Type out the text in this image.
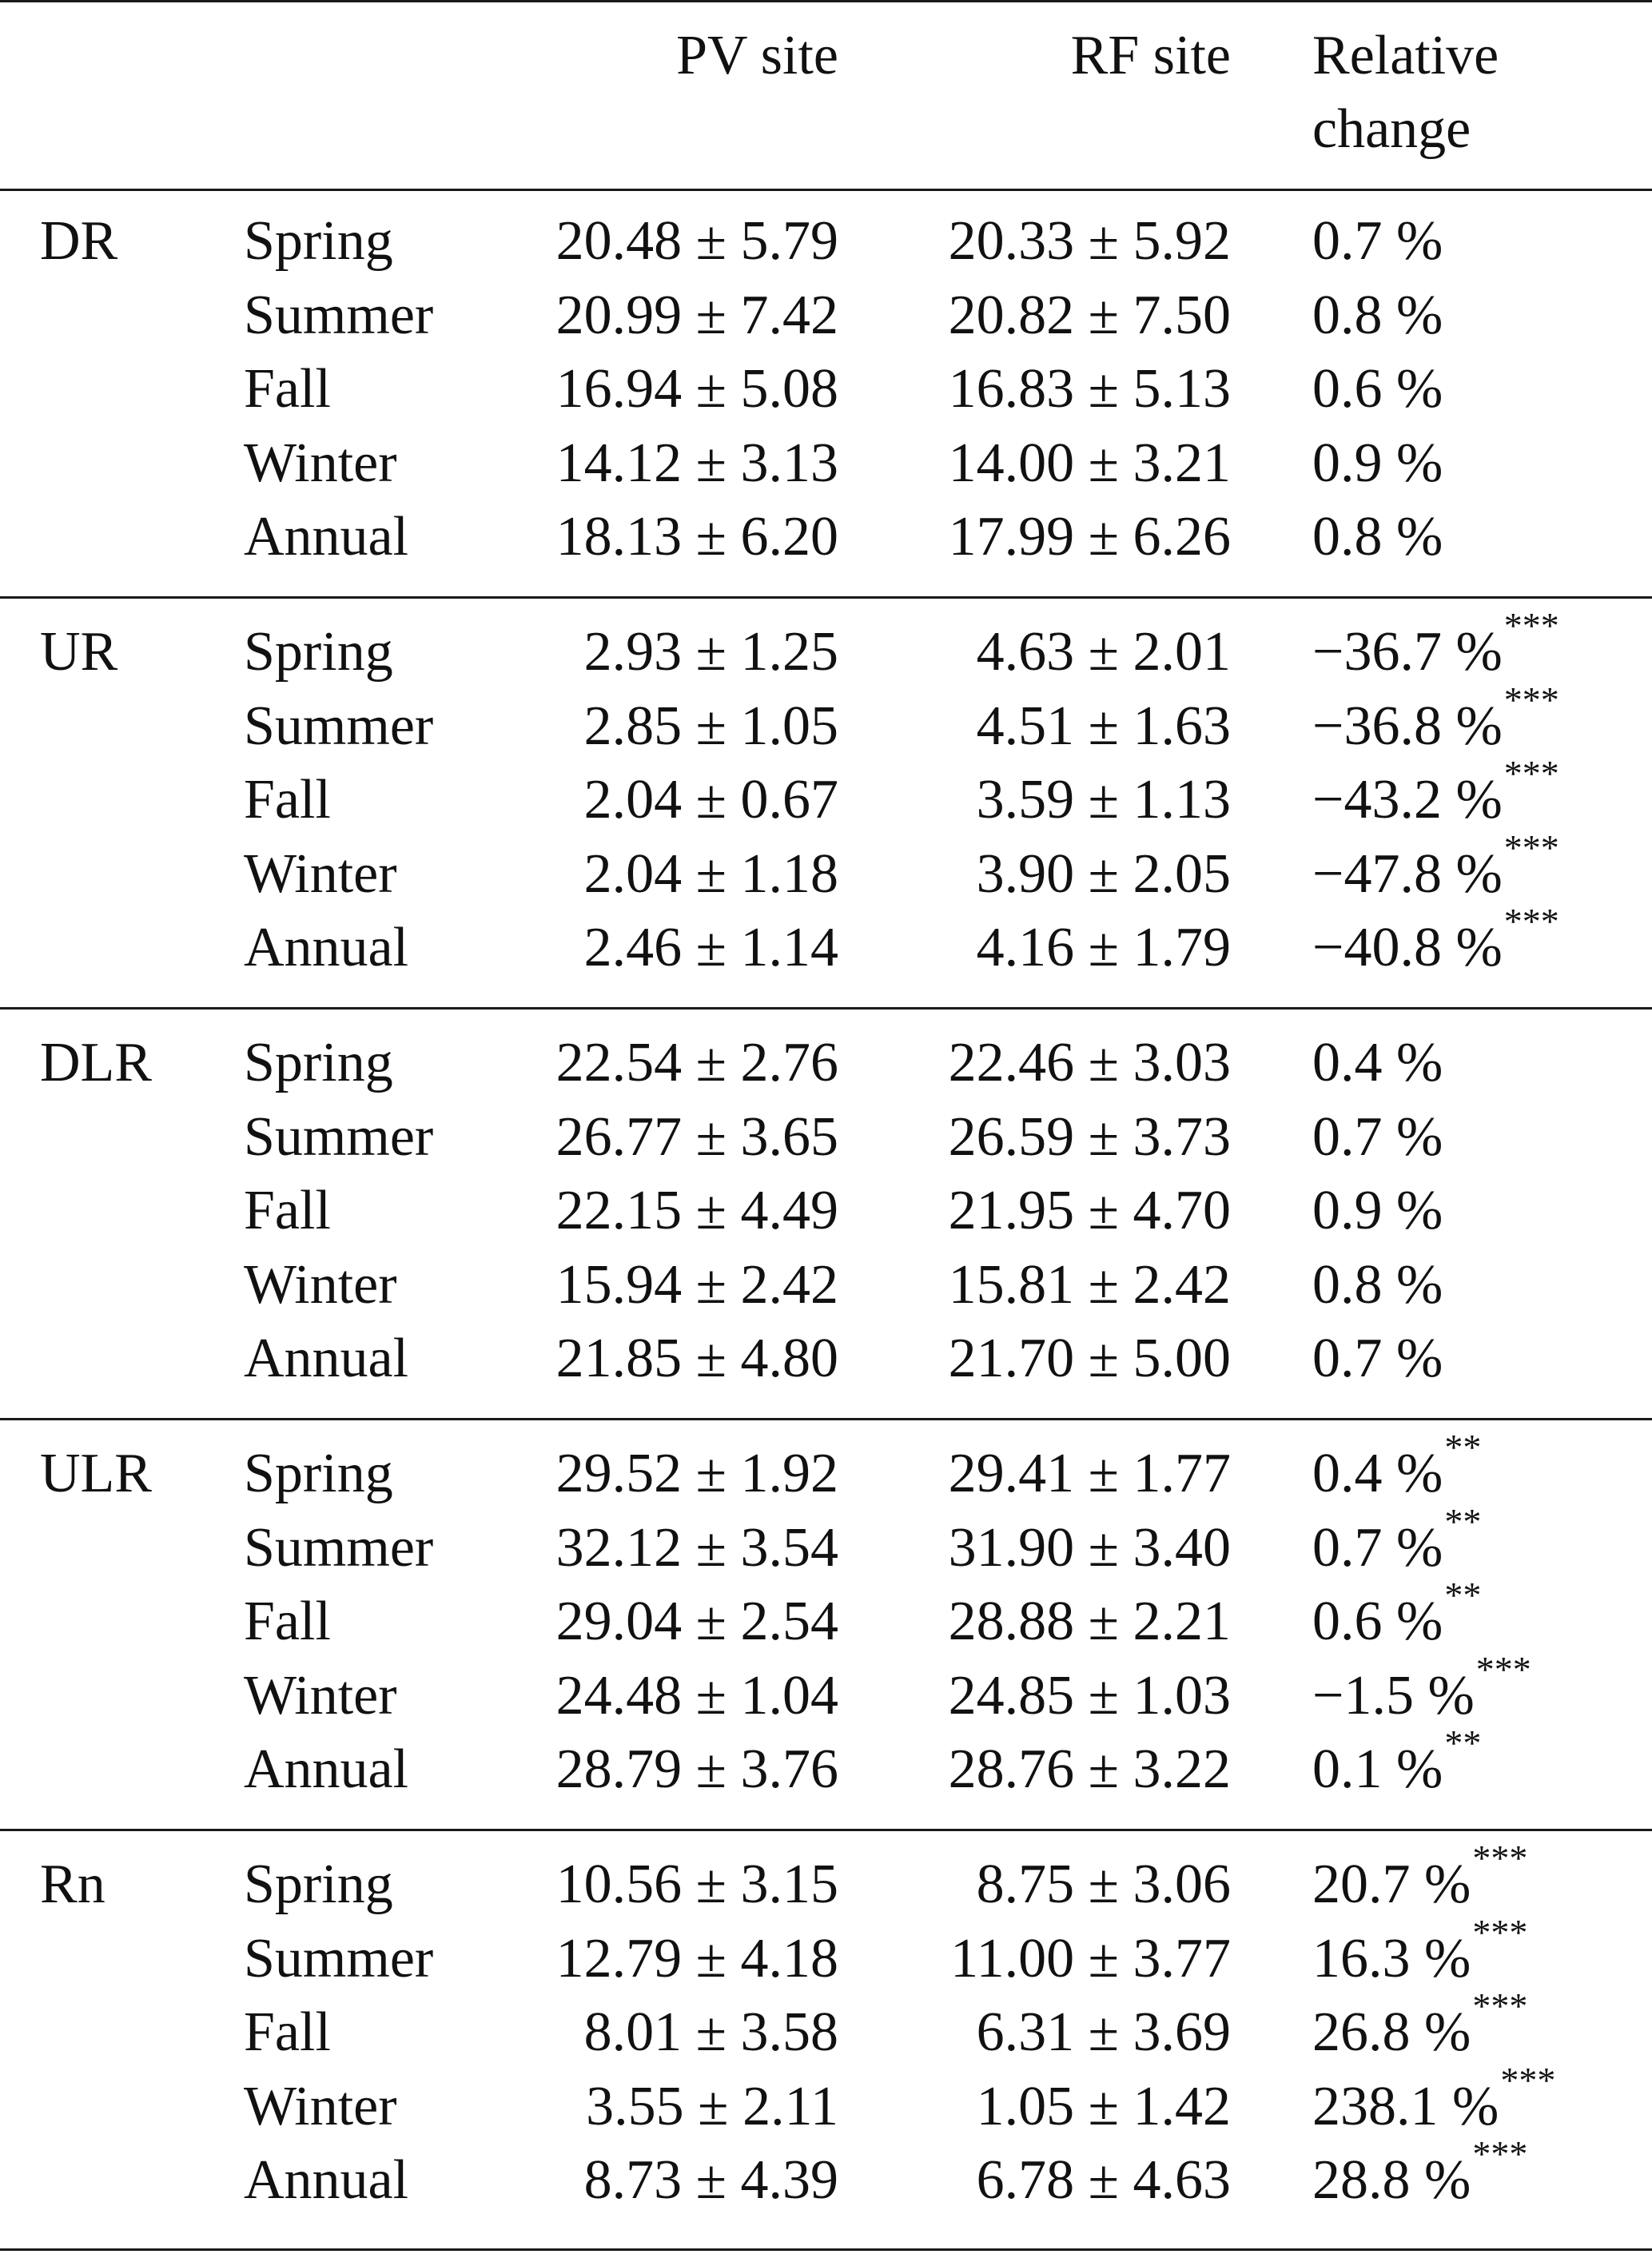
PV site	RF site Relative
change
DR Spring	20.48 ± 5.79 20.33 ± 5.92 0.7 %
Summer 20.99 ± 7.42 20.82 ± 7.50 0.8 %
Fall	16.94 ± 5.08 16.83 ± 5.13 0.6 %
Winter	14.12 ± 3.13 14.00 ± 3.21 0.9 %
Annual	18.13 ± 6.20 17.99 ± 6.26 0.8 %
UR Spring	2.93 ± 1.25 4.63 ± 2.01 −36.7 %***
Summer	2.85 ± 1.05 4.51 ± 1.63 −36.8 %***
Fall	2.04 ± 0.67 3.59 ± 1.13 −43.2 %***
Winter	2.04 ± 1.18 3.90 ± 2.05 −47.8 %***
Annual	2.46 ± 1.14 4.16 ± 1.79 −40.8 %***
DLR Spring	22.54 ± 2.76 22.46 ± 3.03 0.4 %
Summer 26.77 ± 3.65 26.59 ± 3.73 0.7 %
Fall	22.15 ± 4.49 21.95 ± 4.70 0.9 %
Winter	15.94 ± 2.42 15.81 ± 2.42 0.8 %
Annual	21.85 ± 4.80 21.70 ± 5.00 0.7 %
ULR Spring	29.52 ± 1.92 29.41 ± 1.77 0.4 %**
Summer 32.12 ± 3.54 31.90 ± 3.40 0.7 %**
Fall	29.04 ± 2.54 28.88 ± 2.21 0.6 %**
Winter	24.48 ± 1.04 24.85 ± 1.03 −1.5 %***
Annual	28.79 ± 3.76 28.76 ± 3.22 0.1 %**
Rn Spring	10.56 ± 3.15 8.75 ± 3.06 20.7 %***
Summer 12.79 ± 4.18 11.00 ± 3.77 16.3 %***
Fall	8.01 ± 3.58 6.31 ± 3.69 26.8 %***
Winter	3.55 ± 2.11 1.05 ± 1.42 238.1 %***
Annual	8.73 ± 4.39 6.78 ± 4.63 28.8 %***
